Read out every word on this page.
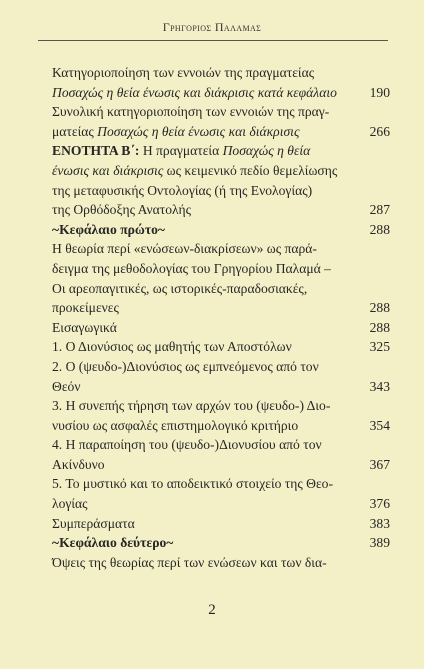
Γρηγοριος Παλαμας
Κατηγοριοποίηση των εννοιών της πραγματείας
Ποσαχώς η θεία ένωσις και διάκρισις κατά κεφάλαιο 190
Συνολική κατηγοριοποίηση των εννοιών της πραγ-
ματείας Ποσαχώς η θεία ένωσις και διάκρισις	266
ΕΝΟΤΗΤΑ Β΄: Η πραγματεία Ποσαχώς η θεία
ένωσις και διάκρισις ως κειμενικό πεδίο θεμελίωσης
της μεταφυσικής Οντολογίας (ή της Ενολογίας)
της Ορθόδοξης Ανατολής	287
~Κεφάλαιο πρώτο~	288
Η θεωρία περί «ενώσεων-διακρίσεων» ως παρά-
δειγμα της μεθοδολογίας του Γρηγορίου Παλαμά –
Οι αρεοπαγιτικές, ως ιστορικές-παραδοσιακές,
προκείμενες	288
Εισαγωγικά	288
1. Ο Διονύσιος ως μαθητής των Αποστόλων	325
2. Ο (ψευδο-)Διονύσιος ως εμπνεόμενος από τον
Θεόν	343
3. Η συνεπής τήρηση των αρχών του (ψευδο-) Διο-
νυσίου ως ασφαλές επιστημολογικό κριτήριο	354
4. Η παραποίηση του (ψευδο-)Διονυσίου από τον
Ακίνδυνο	367
5. Το μυστικό και το αποδεικτικό στοιχείο της Θεο-
λογίας	376
Συμπεράσματα	383
~Κεφάλαιο δεύτερο~	389
Όψεις της θεωρίας περί των ενώσεων και των δια-
2
